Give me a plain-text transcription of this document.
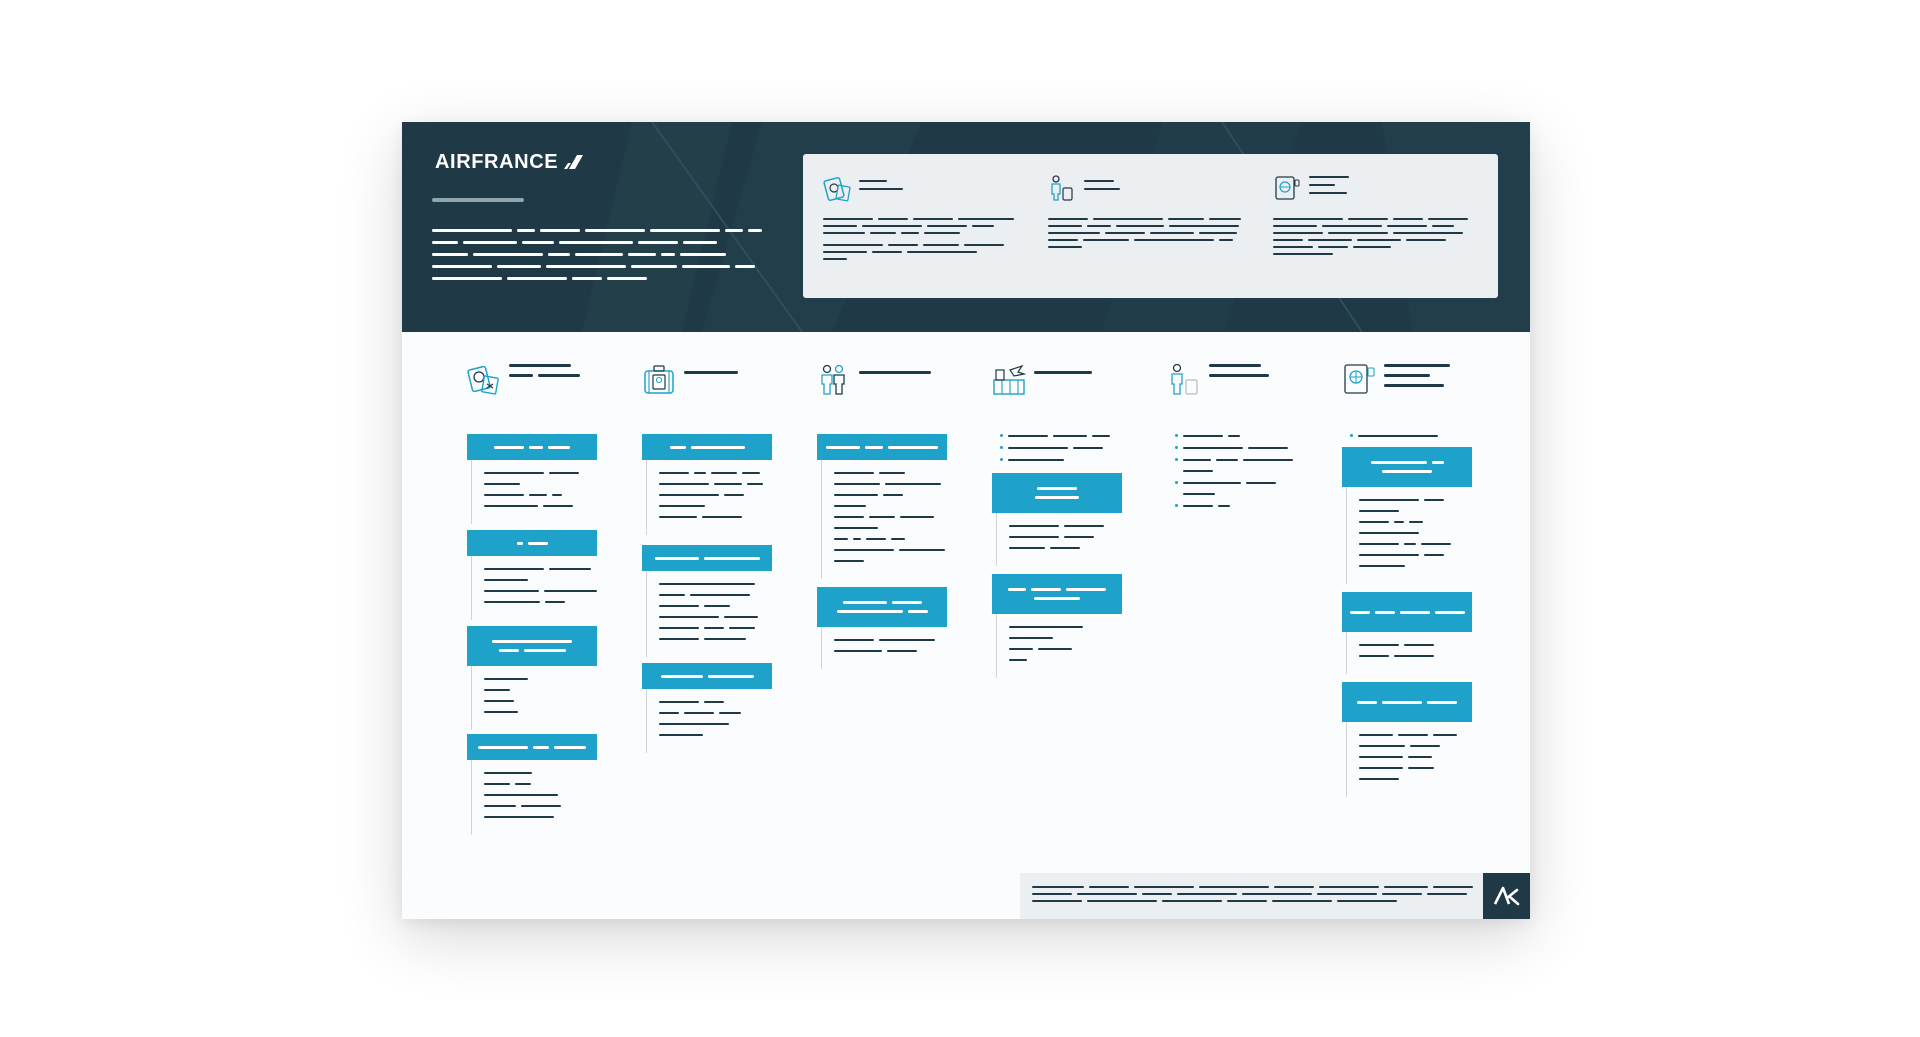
AIRFRANCE
